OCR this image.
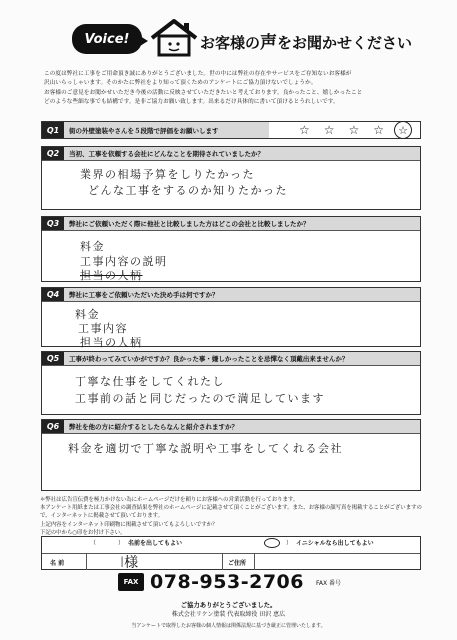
Voice!	お客様の声をお聞かせください
この度は弊社に工事をご用命頂き誠にありがとうございました。世の中には弊社の存在やサービスをご存知ないお客様が
沢山いらっしゃいます。そのかたに弊社をより知って頂くためのアンケートにご協力頂けないでしょうか。
お客様のご意見をお聞かせいただき今後の活動に反映させていただきたいと考えております。良かったこと、嬉しかったこと
どのような些細な事でも結構です。是非ご協力お願い致します。出来るだけ具体的に書いて頂けるとうれしいです。
Q1	街の外壁塗装やさんを５段階で評価をお願いします	☆ ☆ ☆ ☆	☆
Q2	当初、工事を依頼する会社にどんなことを期待されていましたか？
業界の相場予算をしりたかった
どんな工事をするのか知りたかった
Q3	弊社にご依頼いただく際に他社と比較しました方はどこの会社と比較しましたか？
料金
工事内容の説明
担当の人柄
Q4	弊社に工事をご依頼いただいた決め手は何ですか？
料金
工事内容
担当の人柄
Q5	工事が終わってみていかがですか？良かった事・嫌しかったことを忌憚なく頂戴出来ませんか？
丁寧な仕事をしてくれたし
工事前の話と同じだったので満足しています
Q6	弊社を他の方に紹介するとしたらなんと紹介されますか？
料金を適切で丁寧な説明や工事をしてくれる会社
＊弊社は広告宣伝費を極力かけない為にホームページだけを頼りにお客様への営業活動を行っております。
本アンケート用紙または工事会社の調査結果を弊社のホームページに記載させて頂くことがございます。また、お客様の顔写真を掲載することがございますので、インターネットに掲載させて頂いております。
上記内容をインターネット印刷物に掲載させて頂いてもよろしいですか？
下記の中から○印をお付け下さい。
（	） 名前を出してもよい	） イニシャルなら出してもよい
名 前	I様	ご住所
FAX 078-953-2706 FAX 番号
ご協力ありがとうございました。
株式会社リケン塗装 代表取締役 田沢 恵広
当アンケートで取得したお客様の個人情報は関係法規に基づき厳正に管理いたします。
